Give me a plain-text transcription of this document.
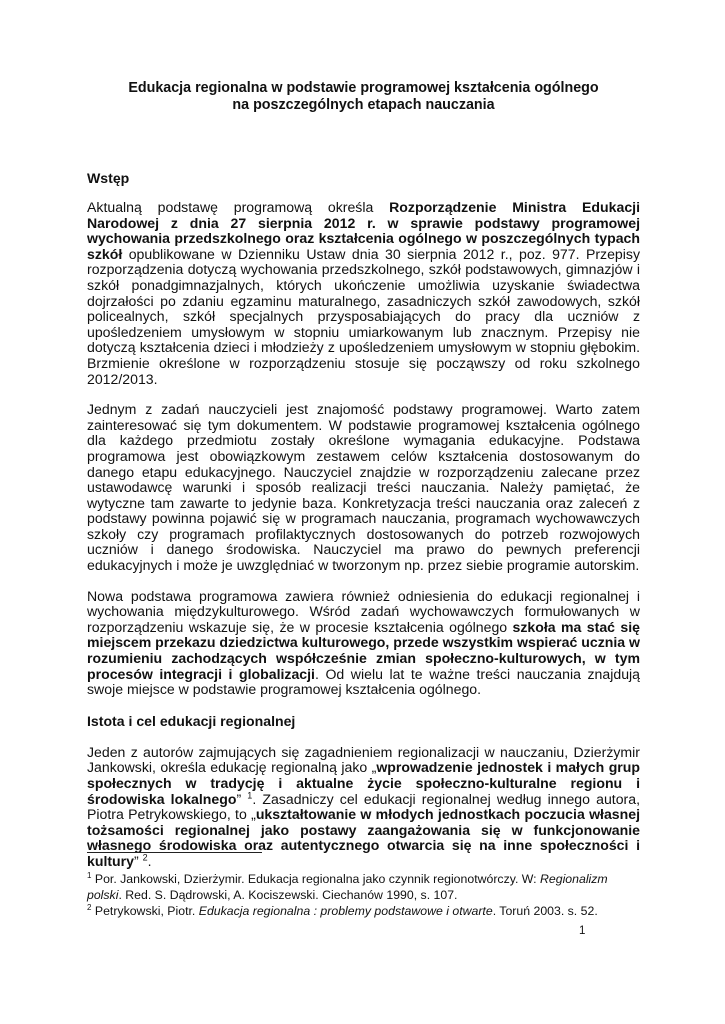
Edukacja regionalna w podstawie programowej kształcenia ogólnego
na poszczególnych etapach nauczania

Wstęp

Aktualną podstawę programową określa Rozporządzenie Ministra Edukacji Narodowej z dnia 27 sierpnia 2012 r. w sprawie podstawy programowej wychowania przedszkolnego oraz kształcenia ogólnego w poszczególnych typach szkół opublikowane w Dzienniku Ustaw dnia 30 sierpnia 2012 r., poz. 977. Przepisy rozporządzenia dotyczą wychowania przedszkolnego, szkół podstawowych, gimnazjów i szkół ponadgimnazjalnych, których ukończenie umożliwia uzyskanie świadectwa dojrzałości po zdaniu egzaminu maturalnego, zasadniczych szkół zawodowych, szkół policealnych, szkół specjalnych przysposabiających do pracy dla uczniów z upośledzeniem umysłowym w stopniu umiarkowanym lub znacznym. Przepisy nie dotyczą kształcenia dzieci i młodzieży z upośledzeniem umysłowym w stopniu głębokim. Brzmienie określone w rozporządzeniu stosuje się począwszy od roku szkolnego 2012/2013.

Jednym z zadań nauczycieli jest znajomość podstawy programowej. Warto zatem zainteresować się tym dokumentem. W podstawie programowej kształcenia ogólnego dla każdego przedmiotu zostały określone wymagania edukacyjne. Podstawa programowa jest obowiązkowym zestawem celów kształcenia dostosowanym do danego etapu edukacyjnego. Nauczyciel znajdzie w rozporządzeniu zalecane przez ustawodawcę warunki i sposób realizacji treści nauczania. Należy pamiętać, że wytyczne tam zawarte to jedynie baza. Konkretyzacja treści nauczania oraz zaleceń z podstawy powinna pojawić się w programach nauczania, programach wychowawczych szkoły czy programach profilaktycznych dostosowanych do potrzeb rozwojowych uczniów i danego środowiska. Nauczyciel ma prawo do pewnych preferencji edukacyjnych i może je uwzględniać w tworzonym np. przez siebie programie autorskim.

Nowa podstawa programowa zawiera również odniesienia do edukacji regionalnej i wychowania międzykulturowego. Wśród zadań wychowawczych formułowanych w rozporządzeniu wskazuje się, że w procesie kształcenia ogólnego szkoła ma stać się miejscem przekazu dziedzictwa kulturowego, przede wszystkim wspierać ucznia w rozumieniu zachodzących współcześnie zmian społeczno-kulturowych, w tym procesów integracji i globalizacji. Od wielu lat te ważne treści nauczania znajdują swoje miejsce w podstawie programowej kształcenia ogólnego.

Istota i cel edukacji regionalnej

Jeden z autorów zajmujących się zagadnieniem regionalizacji w nauczaniu, Dzierżymir Jankowski, określa edukację regionalną jako „wprowadzenie jednostek i małych grup społecznych w tradycję i aktualne życie społeczno-kulturalne regionu i środowiska lokalnego” $^1$. Zasadniczy cel edukacji regionalnej według innego autora, Piotra Petrykowskiego, to „ukształtowanie w młodych jednostkach poczucia własnej tożsamości regionalnej jako postawy zaangażowania się w funkcjonowanie własnego środowiska oraz autentycznego otwarcia się na inne społeczności i kultury” $^2$.

$^1$ Por. Jankowski, Dzierżymir. Edukacja regionalna jako czynnik regionotwórczy. W: Regionalizm polski. Red. S. Dądrowski, A. Kociszewski. Ciechanów 1990, s. 107.

$^2$ Petrykowski, Piotr. Edukacja regionalna : problemy podstawowe i otwarte. Toruń 2003. s. 52.

1
